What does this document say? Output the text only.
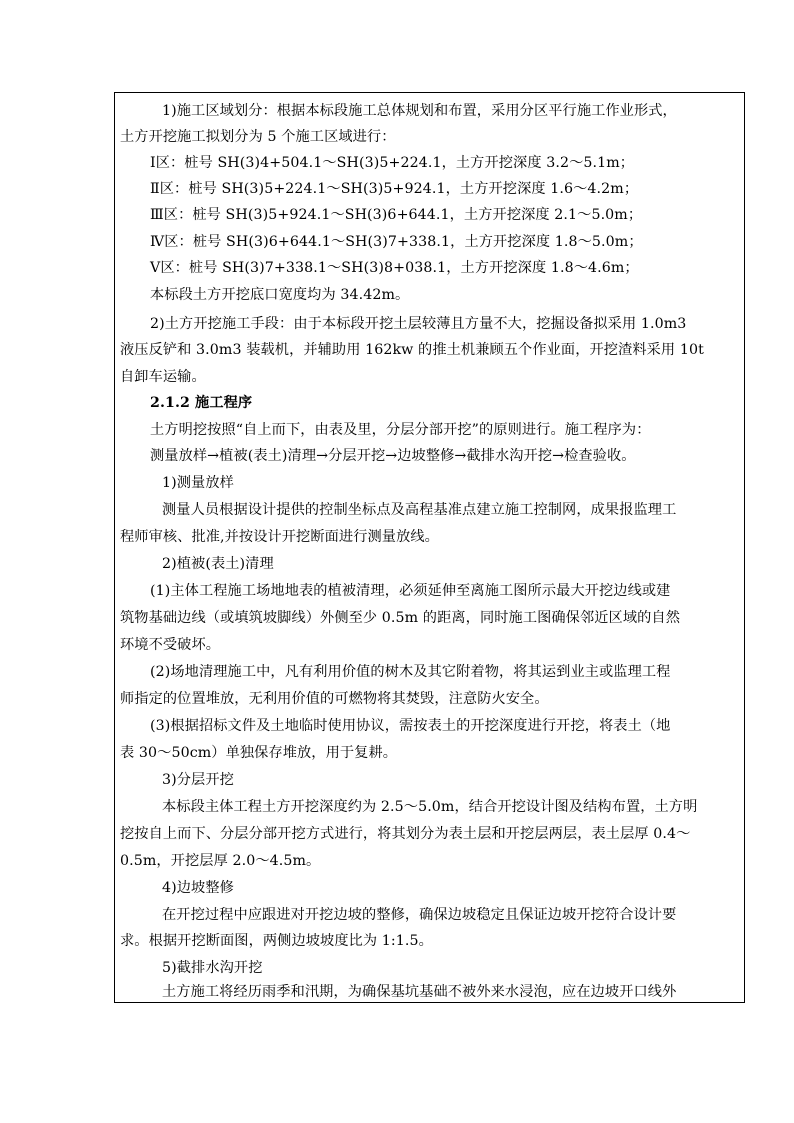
1)施工区域划分：根据本标段施工总体规划和布置，采用分区平行施工作业形式，
土方开挖施工拟划分为 5 个施工区域进行：
Ⅰ区：桩号 SH(3)4+504.1～SH(3)5+224.1，土方开挖深度 3.2～5.1m；
Ⅱ区：桩号 SH(3)5+224.1～SH(3)5+924.1，土方开挖深度 1.6～4.2m；
Ⅲ区：桩号 SH(3)5+924.1～SH(3)6+644.1，土方开挖深度 2.1～5.0m；
Ⅳ区：桩号 SH(3)6+644.1～SH(3)7+338.1，土方开挖深度 1.8～5.0m；
Ⅴ区：桩号 SH(3)7+338.1～SH(3)8+038.1，土方开挖深度 1.8～4.6m；
本标段土方开挖底口宽度均为 34.42m。
2)土方开挖施工手段：由于本标段开挖土层较薄且方量不大，挖掘设备拟采用 1.0m3
液压反铲和 3.0m3 装载机，并辅助用 162kw 的推土机兼顾五个作业面，开挖渣料采用 10t
自卸车运输。
2.1.2 施工程序
土方明挖按照“自上而下，由表及里，分层分部开挖”的原则进行。施工程序为：
测量放样→植被(表土)清理→分层开挖→边坡整修→截排水沟开挖→检查验收。
1)测量放样
测量人员根据设计提供的控制坐标点及高程基准点建立施工控制网，成果报监理工
程师审核、批准,并按设计开挖断面进行测量放线。
2)植被(表土)清理
(1)主体工程施工场地地表的植被清理，必须延伸至离施工图所示最大开挖边线或建
筑物基础边线（或填筑坡脚线）外侧至少 0.5m 的距离，同时施工图确保邻近区域的自然
环境不受破坏。
(2)场地清理施工中，凡有利用价值的树木及其它附着物，将其运到业主或监理工程
师指定的位置堆放，无利用价值的可燃物将其焚毁，注意防火安全。
(3)根据招标文件及土地临时使用协议，需按表土的开挖深度进行开挖，将表土（地
表 30～50cm）单独保存堆放，用于复耕。
3)分层开挖
本标段主体工程土方开挖深度约为 2.5～5.0m，结合开挖设计图及结构布置，土方明
挖按自上而下、分层分部开挖方式进行，将其划分为表土层和开挖层两层，表土层厚 0.4～
0.5m，开挖层厚 2.0～4.5m。
4)边坡整修
在开挖过程中应跟进对开挖边坡的整修，确保边坡稳定且保证边坡开挖符合设计要
求。根据开挖断面图，两侧边坡坡度比为 1:1.5。
5)截排水沟开挖
土方施工将经历雨季和汛期，为确保基坑基础不被外来水浸泡，应在边坡开口线外
